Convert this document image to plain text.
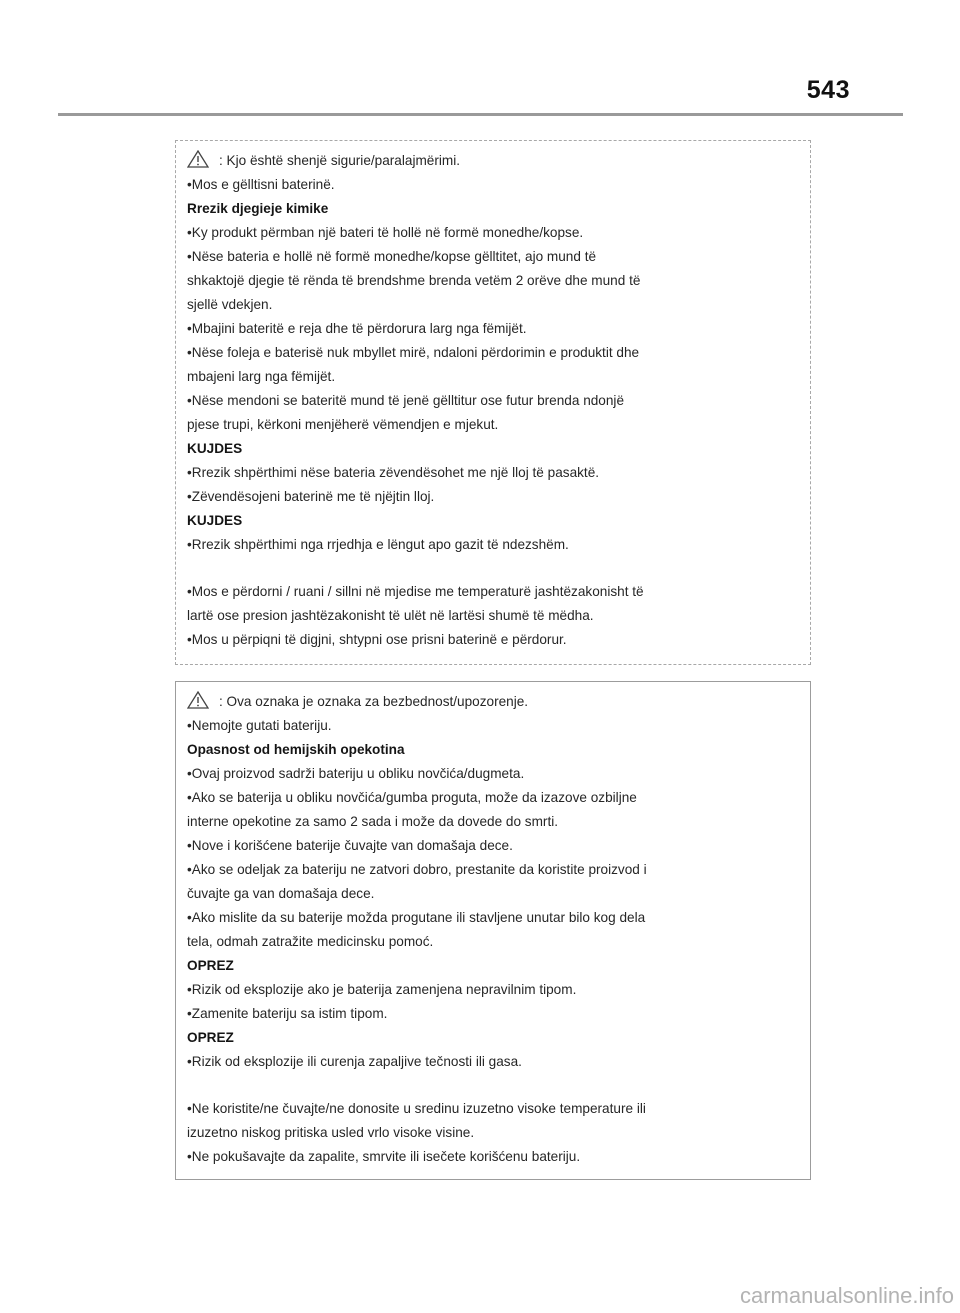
543
: Kjo është shenjë sigurie/paralajmërimi.
•Mos e gëlltisni baterinë.
Rrezik djegieje kimike
•Ky produkt përmban një bateri të hollë në formë monedhe/kopse.
•Nëse bateria e hollë në formë monedhe/kopse gëlltitet, ajo mund të
shkaktojë djegie të rënda të brendshme brenda vetëm 2 orëve dhe mund të
sjellë vdekjen.
•Mbajini bateritë e reja dhe të përdorura larg nga fëmijët.
•Nëse foleja e baterisë nuk mbyllet mirë, ndaloni përdorimin e produktit dhe
mbajeni larg nga fëmijët.
•Nëse mendoni se bateritë mund të jenë gëlltitur ose futur brenda ndonjë
pjese trupi, kërkoni menjëherë vëmendjen e mjekut.
KUJDES
•Rrezik shpërthimi nëse bateria zëvendësohet me një lloj të pasaktë.
•Zëvendësojeni baterinë me të njëjtin lloj.
KUJDES
•Rrezik shpërthimi nga rrjedhja e lëngut apo gazit të ndezshëm.
•Mos e përdorni / ruani / sillni në mjedise me temperaturë jashtëzakonisht të
lartë ose presion jashtëzakonisht të ulët në lartësi shumë të mëdha.
•Mos u përpiqni të digjni, shtypni ose prisni baterinë e përdorur.
: Ova oznaka je oznaka za bezbednost/upozorenje.
•Nemojte gutati bateriju.
Opasnost od hemijskih opekotina
•Ovaj proizvod sadrži bateriju u obliku novčića/dugmeta.
•Ako se baterija u obliku novčića/gumba proguta, može da izazove ozbiljne
interne opekotine za samo 2 sada i može da dovede do smrti.
•Nove i korišćene baterije čuvajte van domašaja dece.
•Ako se odeljak za bateriju ne zatvori dobro, prestanite da koristite proizvod i
čuvajte ga van domašaja dece.
•Ako mislite da su baterije možda progutane ili stavljene unutar bilo kog dela
tela, odmah zatražite medicinsku pomoć.
OPREZ
•Rizik od eksplozije ako je baterija zamenjena nepravilnim tipom.
•Zamenite bateriju sa istim tipom.
OPREZ
•Rizik od eksplozije ili curenja zapaljive tečnosti ili gasa.
•Ne koristite/ne čuvajte/ne donosite u sredinu izuzetno visoke temperature ili
izuzetno niskog pritiska usled vrlo visoke visine.
•Ne pokušavajte da zapalite, smrvite ili isečete korišćenu bateriju.
carmanualsonline.info
